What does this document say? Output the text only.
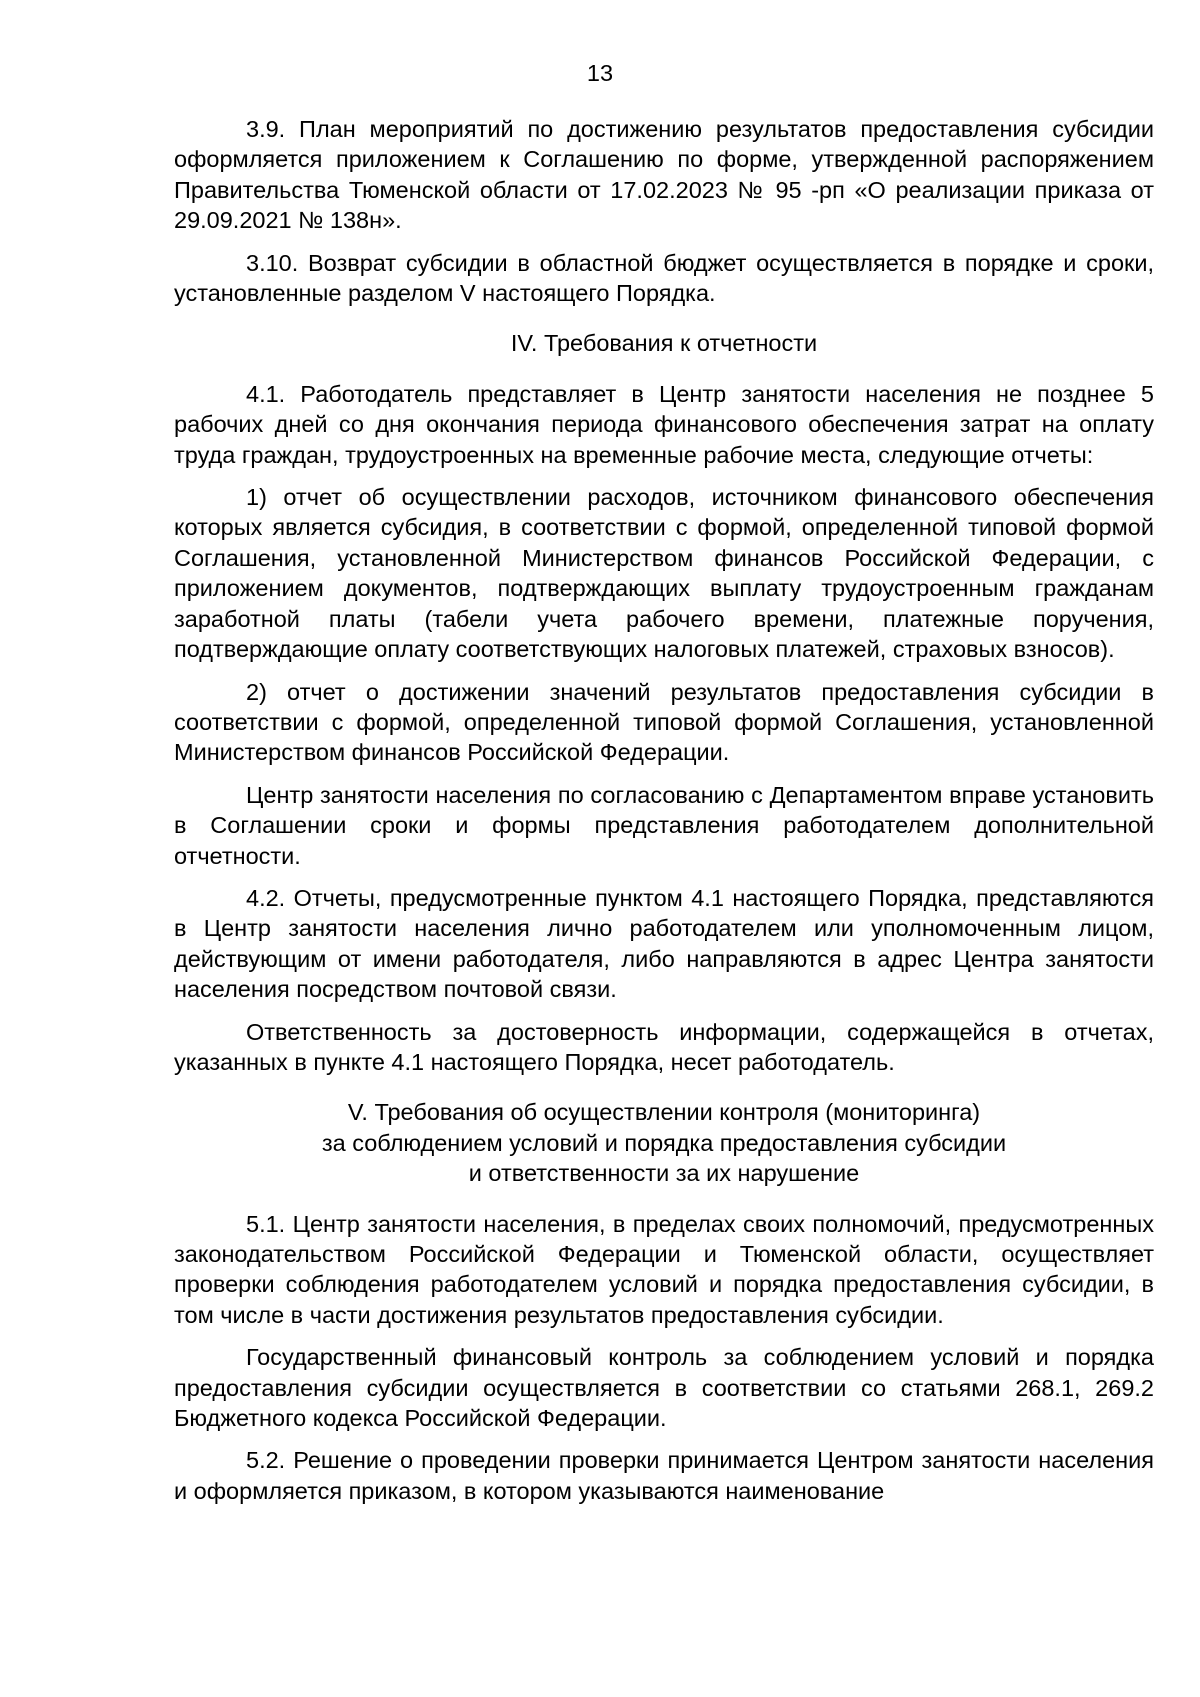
13

3.9. План мероприятий по достижению результатов предоставления субсидии оформляется приложением к Соглашению по форме, утвержденной распоряжением Правительства Тюменской области от 17.02.2023 № 95 -рп «О реализации приказа от 29.09.2021 № 138н».

3.10. Возврат субсидии в областной бюджет осуществляется в порядке и сроки, установленные разделом V настоящего Порядка.

IV. Требования к отчетности

4.1. Работодатель представляет в Центр занятости населения не позднее 5 рабочих дней со дня окончания периода финансового обеспечения затрат на оплату труда граждан, трудоустроенных на временные рабочие места, следующие отчеты:

1) отчет об осуществлении расходов, источником финансового обеспечения которых является субсидия, в соответствии с формой, определенной типовой формой Соглашения, установленной Министерством финансов Российской Федерации, с приложением документов, подтверждающих выплату трудоустроенным гражданам заработной платы (табели учета рабочего времени, платежные поручения, подтверждающие оплату соответствующих налоговых платежей, страховых взносов).

2) отчет о достижении значений результатов предоставления субсидии в соответствии с формой, определенной типовой формой Соглашения, установленной Министерством финансов Российской Федерации.

Центр занятости населения по согласованию с Департаментом вправе установить в Соглашении сроки и формы представления работодателем дополнительной отчетности.

4.2. Отчеты, предусмотренные пунктом 4.1 настоящего Порядка, представляются в Центр занятости населения лично работодателем или уполномоченным лицом, действующим от имени работодателя, либо направляются в адрес Центра занятости населения посредством почтовой связи.

Ответственность за достоверность информации, содержащейся в отчетах, указанных в пункте 4.1 настоящего Порядка, несет работодатель.

V. Требования об осуществлении контроля (мониторинга)
за соблюдением условий и порядка предоставления субсидии
и ответственности за их нарушение

5.1. Центр занятости населения, в пределах своих полномочий, предусмотренных законодательством Российской Федерации и Тюменской области, осуществляет проверки соблюдения работодателем условий и порядка предоставления субсидии, в том числе в части достижения результатов предоставления субсидии.

Государственный финансовый контроль за соблюдением условий и порядка предоставления субсидии осуществляется в соответствии со статьями 268.1, 269.2 Бюджетного кодекса Российской Федерации.

5.2. Решение о проведении проверки принимается Центром занятости населения и оформляется приказом, в котором указываются наименование
